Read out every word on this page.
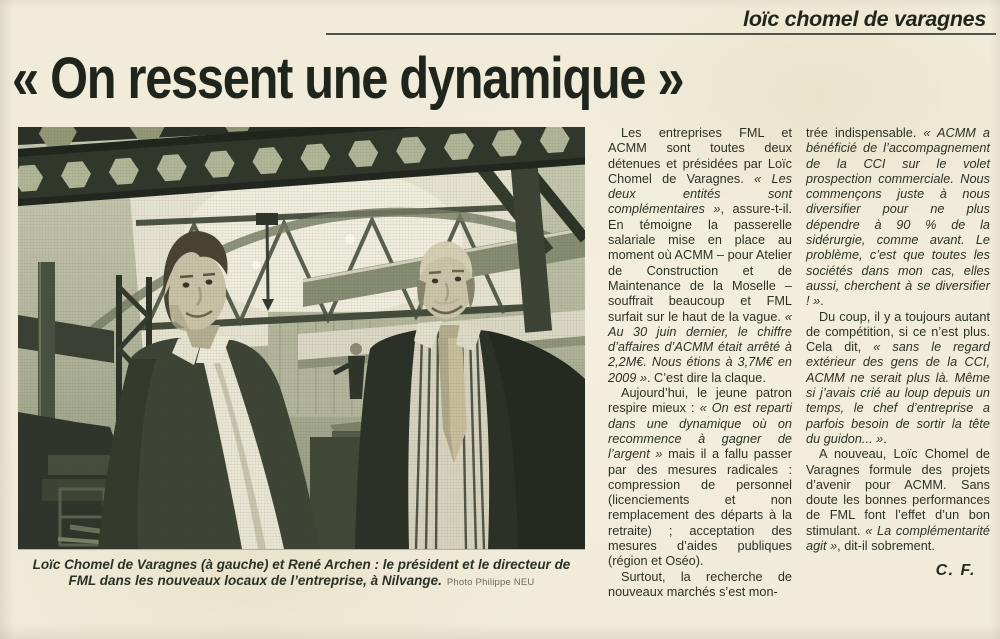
loïc chomel de varagnes
« On ressent une dynamique »
Loïc Chomel de Varagnes (à gauche) et René Archen : le président et le directeur de FML dans les nouveaux locaux de l’entreprise, à Nilvange. Photo Philippe NEU

Les entreprises FML et ACMM sont toutes deux détenues et présidées par Loïc Chomel de Varagnes. « Les deux entités sont complémentaires », assure-t-il. En témoigne la passerelle salariale mise en place au moment où ACMM – pour Atelier de Construction et de Maintenance de la Moselle – souffrait beaucoup et FML surfait sur le haut de la vague. « Au 30 juin dernier, le chiffre d’affaires d’ACMM était arrêté à 2,2M€. Nous étions à 3,7M€ en 2009 ». C’est dire la claque.

Aujourd’hui, le jeune patron respire mieux : « On est reparti dans une dynamique où on recommence à gagner de l’argent » mais il a fallu passer par des mesures radicales : compression de personnel (licenciements et non remplacement des départs à la retraite) ; acceptation des mesures d’aides publiques (région et Oséo).

Surtout, la recherche de nouveaux marchés s’est mon-

trée indispensable. « ACMM a bénéficié de l’accompagnement de la CCI sur le volet prospection commerciale. Nous commençons juste à nous diversifier pour ne plus dépendre à 90 % de la sidérurgie, comme avant. Le problème, c’est que toutes les sociétés dans mon cas, elles aussi, cherchent à se diversifier ! ».

Du coup, il y a toujours autant de compétition, si ce n’est plus. Cela dit, « sans le regard extérieur des gens de la CCI, ACMM ne serait plus là. Même si j’avais crié au loup depuis un temps, le chef d’entreprise a parfois besoin de sortir la tête du guidon... ».

A nouveau, Loïc Chomel de Varagnes formule des projets d’avenir pour ACMM. Sans doute les bonnes performances de FML font l’effet d’un bon stimulant. « La complémentarité agit », dit-il sobrement.

C. F.
